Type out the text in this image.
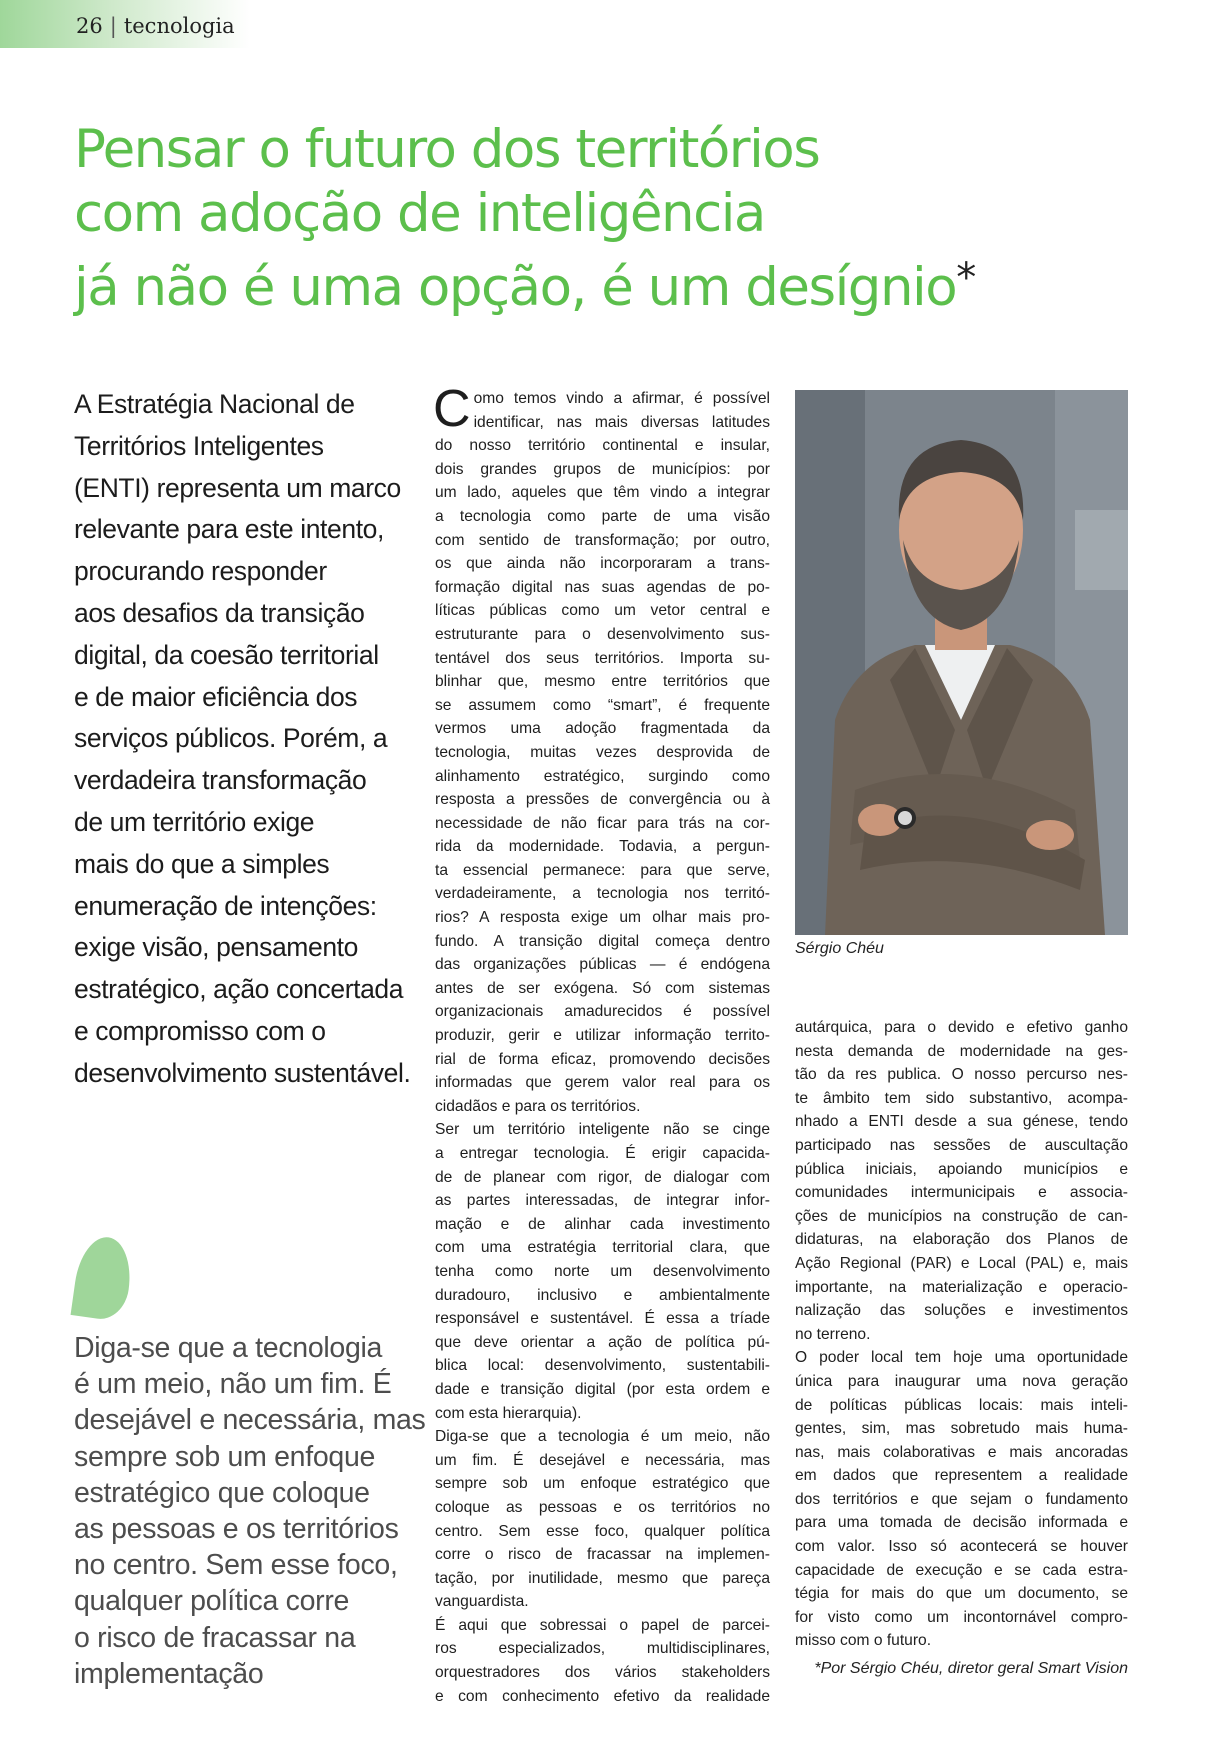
26 | tecnologia
Pensar o futuro dos territórios
com adoção de inteligência
já não é uma opção, é um desígnio*

A Estratégia Nacional de
Territórios Inteligentes
(ENTI) representa um marco
relevante para este intento,
procurando responder
aos desafios da transição
digital, da coesão territorial
e de maior eficiência dos
serviços públicos. Porém, a
verdadeira transformação
de um território exige
mais do que a simples
enumeração de intenções:
exige visão, pensamento
estratégico, ação concertada
e compromisso com o
desenvolvimento sustentável.

Diga-se que a tecnologia
é um meio, não um fim. É
desejável e necessária, mas
sempre sob um enfoque
estratégico que coloque
as pessoas e os territórios
no centro. Sem esse foco,
qualquer política corre
o risco de fracassar na
implementação

C omo temos vindo a afirmar, é possível
identificar, nas mais diversas latitudes
do nosso território continental e insular,
dois grandes grupos de municípios: por
um lado, aqueles que têm vindo a integrar
a tecnologia como parte de uma visão
com sentido de transformação; por outro,
os que ainda não incorporaram a trans-
formação digital nas suas agendas de po-
líticas públicas como um vetor central e
estruturante para o desenvolvimento sus-
tentável dos seus territórios. Importa su-
blinhar que, mesmo entre territórios que
se assumem como “smart”, é frequente
vermos uma adoção fragmentada da
tecnologia, muitas vezes desprovida de
alinhamento estratégico, surgindo como
resposta a pressões de convergência ou à
necessidade de não ficar para trás na cor-
rida da modernidade. Todavia, a pergun-
ta essencial permanece: para que serve,
verdadeiramente, a tecnologia nos territó-
rios? A resposta exige um olhar mais pro-
fundo. A transição digital começa dentro
das organizações públicas — é endógena
antes de ser exógena. Só com sistemas
organizacionais amadurecidos é possível
produzir, gerir e utilizar informação territo-
rial de forma eficaz, promovendo decisões
informadas que gerem valor real para os
cidadãos e para os territórios.
Ser um território inteligente não se cinge
a entregar tecnologia. É erigir capacida-
de de planear com rigor, de dialogar com
as partes interessadas, de integrar infor-
mação e de alinhar cada investimento
com uma estratégia territorial clara, que
tenha como norte um desenvolvimento
duradouro, inclusivo e ambientalmente
responsável e sustentável. É essa a tríade
que deve orientar a ação de política pú-
blica local: desenvolvimento, sustentabili-
dade e transição digital (por esta ordem e
com esta hierarquia).
Diga-se que a tecnologia é um meio, não
um fim. É desejável e necessária, mas
sempre sob um enfoque estratégico que
coloque as pessoas e os territórios no
centro. Sem esse foco, qualquer política
corre o risco de fracassar na implemen-
tação, por inutilidade, mesmo que pareça
vanguardista.
É aqui que sobressai o papel de parcei-
ros especializados, multidisciplinares,
orquestradores dos vários stakeholders
e com conhecimento efetivo da realidade

Sérgio Chéu

autárquica, para o devido e efetivo ganho
nesta demanda de modernidade na ges-
tão da res publica. O nosso percurso nes-
te âmbito tem sido substantivo, acompa-
nhado a ENTI desde a sua génese, tendo
participado nas sessões de auscultação
pública iniciais, apoiando municípios e
comunidades intermunicipais e associa-
ções de municípios na construção de can-
didaturas, na elaboração dos Planos de
Ação Regional (PAR) e Local (PAL) e, mais
importante, na materialização e operacio-
nalização das soluções e investimentos
no terreno.
O poder local tem hoje uma oportunidade
única para inaugurar uma nova geração
de políticas públicas locais: mais inteli-
gentes, sim, mas sobretudo mais huma-
nas, mais colaborativas e mais ancoradas
em dados que representem a realidade
dos territórios e que sejam o fundamento
para uma tomada de decisão informada e
com valor. Isso só acontecerá se houver
capacidade de execução e se cada estra-
tégia for mais do que um documento, se
for visto como um incontornável compro-
misso com o futuro.

*Por Sérgio Chéu, diretor geral Smart Vision
